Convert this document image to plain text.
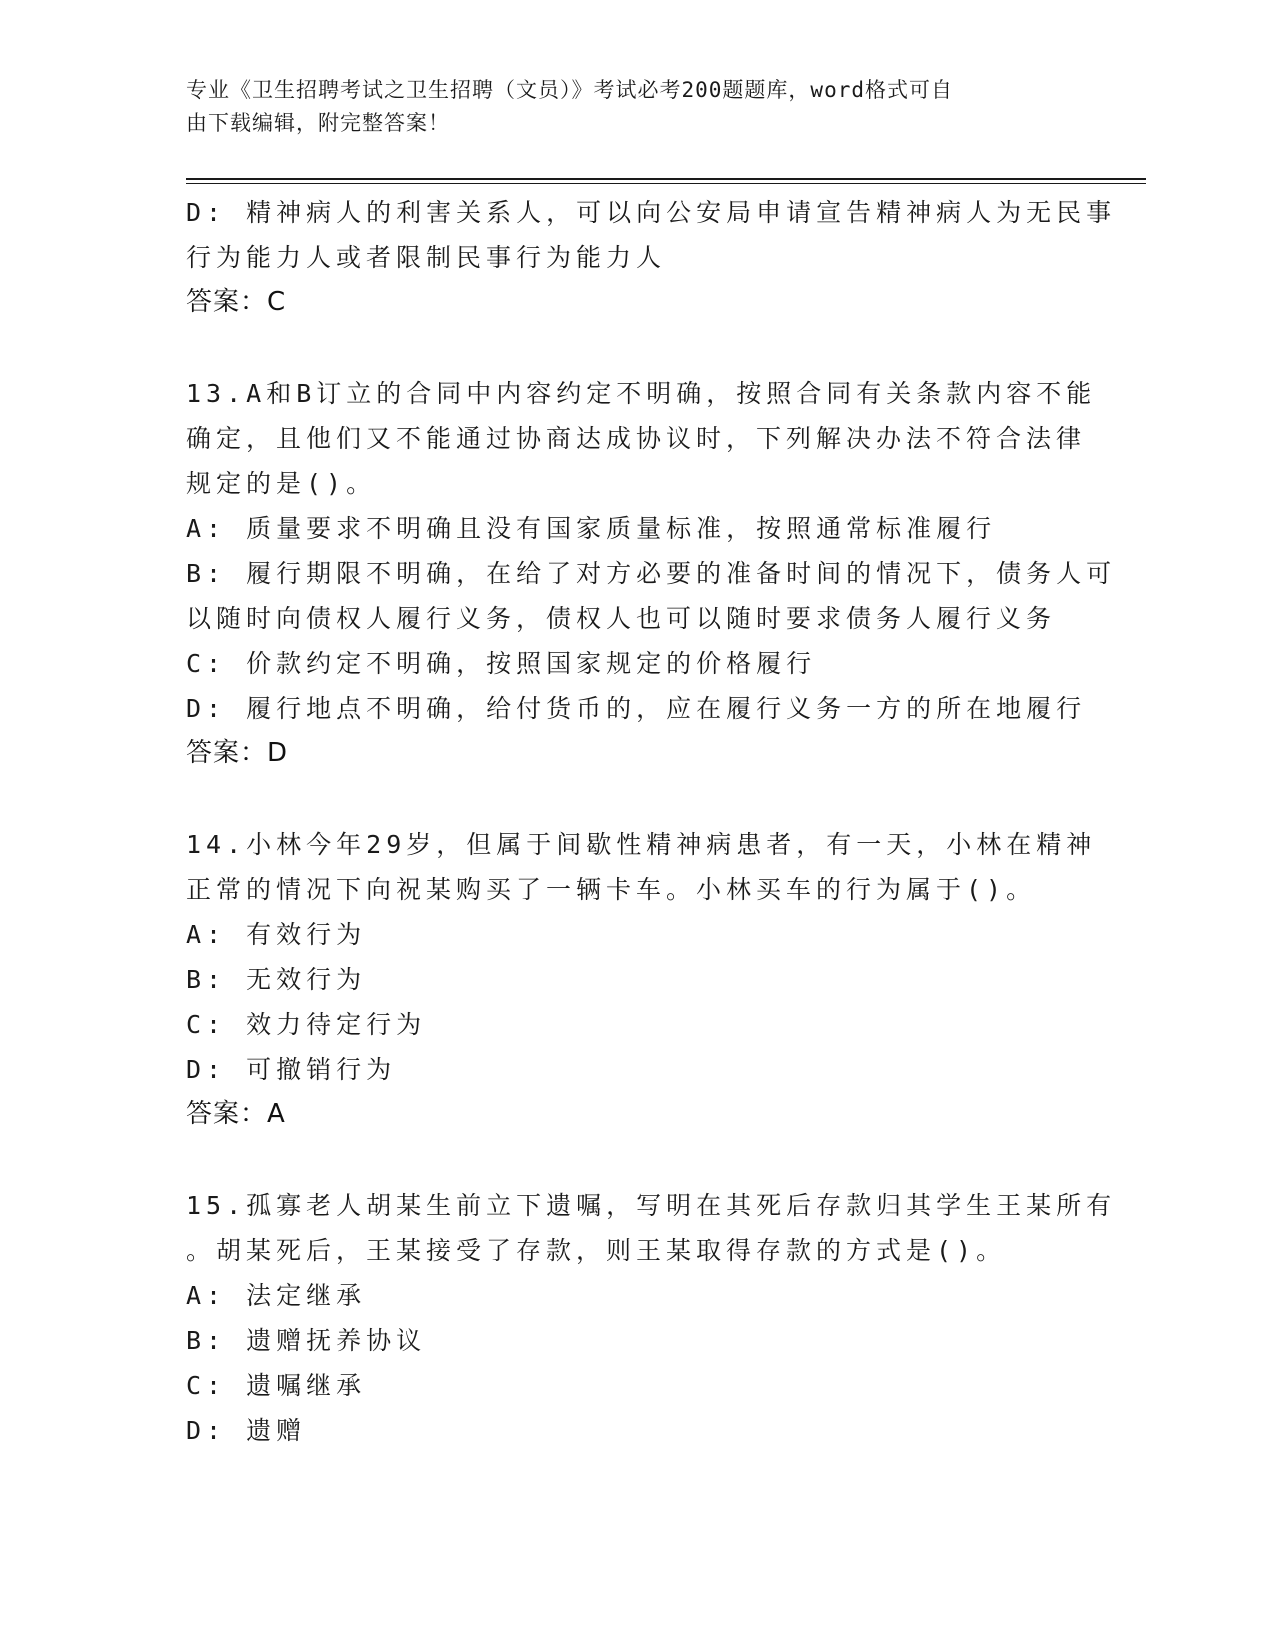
专业《卫生招聘考试之卫生招聘（文员）》考试必考200题题库，word格式可自
由下载编辑，附完整答案！
D: 精神病人的利害关系人，可以向公安局申请宣告精神病人为无民事
行为能力人或者限制民事行为能力人
答案：C
13.A和B订立的合同中内容约定不明确，按照合同有关条款内容不能
确定，且他们又不能通过协商达成协议时，下列解决办法不符合法律
规定的是()。
A: 质量要求不明确且没有国家质量标准，按照通常标准履行
B: 履行期限不明确，在给了对方必要的准备时间的情况下，债务人可
以随时向债权人履行义务，债权人也可以随时要求债务人履行义务
C: 价款约定不明确，按照国家规定的价格履行
D: 履行地点不明确，给付货币的，应在履行义务一方的所在地履行
答案：D
14.小林今年29岁，但属于间歇性精神病患者，有一天，小林在精神
正常的情况下向祝某购买了一辆卡车。小林买车的行为属于()。
A: 有效行为
B: 无效行为
C: 效力待定行为
D: 可撤销行为
答案：A
15.孤寡老人胡某生前立下遗嘱，写明在其死后存款归其学生王某所有
。胡某死后，王某接受了存款，则王某取得存款的方式是()。
A: 法定继承
B: 遗赠抚养协议
C: 遗嘱继承
D: 遗赠
